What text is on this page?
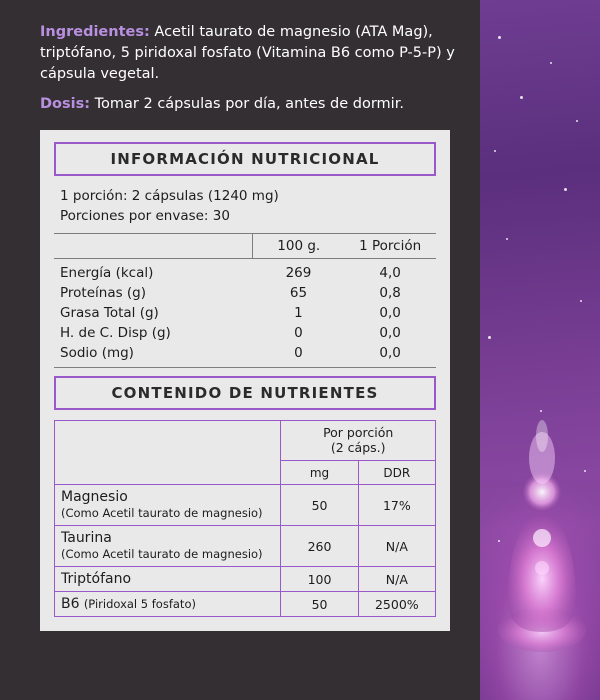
Ingredientes: Acetil taurato de magnesio (ATA Mag), triptófano, 5 piridoxal fosfato (Vitamina B6 como P-5-P) y cápsula vegetal.
Dosis: Tomar 2 cápsulas por día, antes de dormir.
INFORMACIÓN NUTRICIONAL
1 porción: 2 cápsulas (1240 mg)
Porciones por envase: 30
	100 g.	1 Porción
Energía (kcal)	269	4,0
Proteínas (g)	65	0,8
Grasa Total (g)	1	0,0
H. de C. Disp (g)	0	0,0
Sodio (mg)	0	0,0
CONTENIDO DE NUTRIENTES

	Por porción
(2 cáps.)	

	mg	DDR
Magnesio
(Como Acetil taurato de magnesio)	50	17%
Taurina
(Como Acetil taurato de magnesio)	260	N/A
Triptófano	100	N/A
B6 (Piridoxal 5 fosfato)	50	2500%
